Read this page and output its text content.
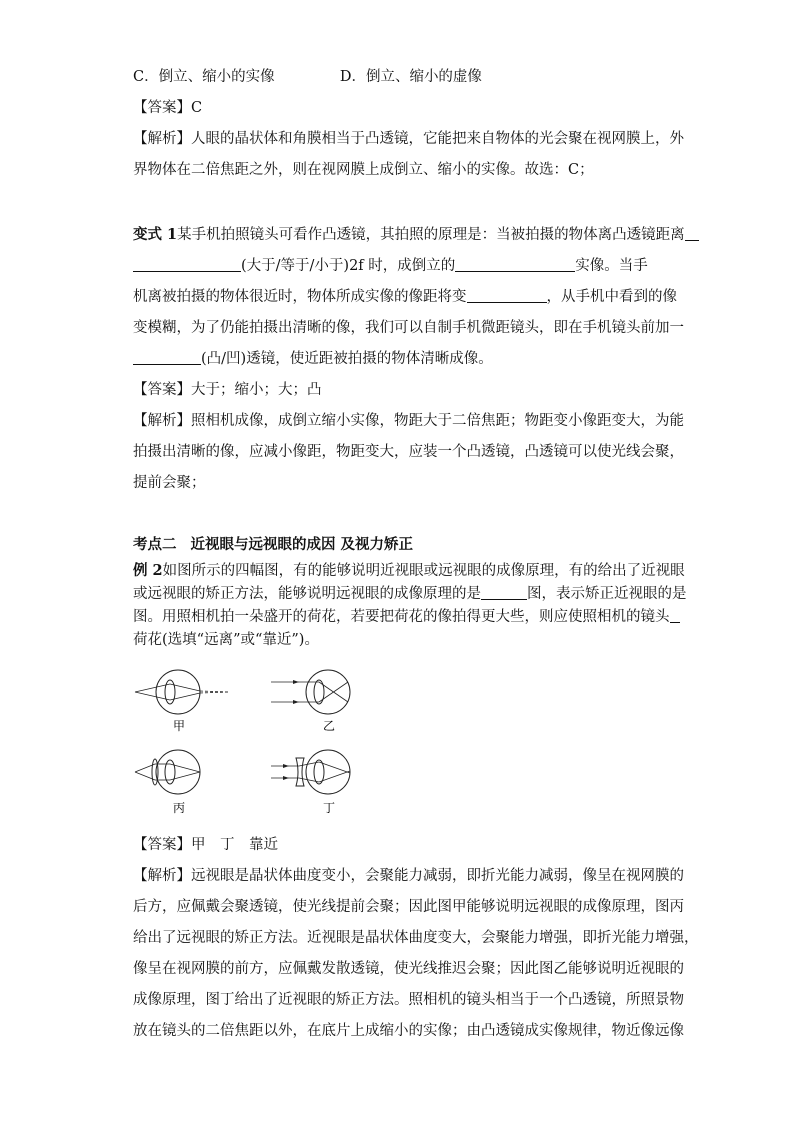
C．倒立、缩小的实像	D．倒立、缩小的虚像
【答案】C
【解析】人眼的晶状体和角膜相当于凸透镜，它能把来自物体的光会聚在视网膜上，外
界物体在二倍焦距之外，则在视网膜上成倒立、缩小的实像。故选：C；
变式 1某手机拍照镜头可看作凸透镜，其拍照的原理是：当被拍摄的物体离凸透镜距离
(大于/等于/小于)2f 时，成倒立的	实像。当手
机离被拍摄的物体很近时，物体所成实像的像距将变	，从手机中看到的像
变模糊，为了仍能拍摄出清晰的像，我们可以自制手机微距镜头，即在手机镜头前加一
(凸/凹)透镜，使近距被拍摄的物体清晰成像。
【答案】大于；缩小；大；凸
【解析】照相机成像，成倒立缩小实像，物距大于二倍焦距；物距变小像距变大，为能
拍摄出清晰的像，应减小像距，物距变大，应装一个凸透镜，凸透镜可以使光线会聚，
提前会聚；
考点二 近视眼与远视眼的成因 及视力矫正
例 2如图所示的四幅图，有的能够说明近视眼或远视眼的成像原理，有的给出了近视眼
或远视眼的矫正方法，能够说明远视眼的成像原理的是	图，表示矫正近视眼的是
图。用照相机拍一朵盛开的荷花，若要把荷花的像拍得更大些，则应使照相机的镜头
荷花(选填“远离”或“靠近”)。
甲	乙
丙	丁
【答案】甲　丁　靠近
【解析】远视眼是晶状体曲度变小，会聚能力减弱，即折光能力减弱，像呈在视网膜的
后方，应佩戴会聚透镜，使光线提前会聚；因此图甲能够说明远视眼的成像原理，图丙
给出了远视眼的矫正方法。近视眼是晶状体曲度变大，会聚能力增强，即折光能力增强，
像呈在视网膜的前方，应佩戴发散透镜，使光线推迟会聚；因此图乙能够说明近视眼的
成像原理，图丁给出了近视眼的矫正方法。照相机的镜头相当于一个凸透镜，所照景物
放在镜头的二倍焦距以外，在底片上成缩小的实像；由凸透镜成实像规律，物近像远像
